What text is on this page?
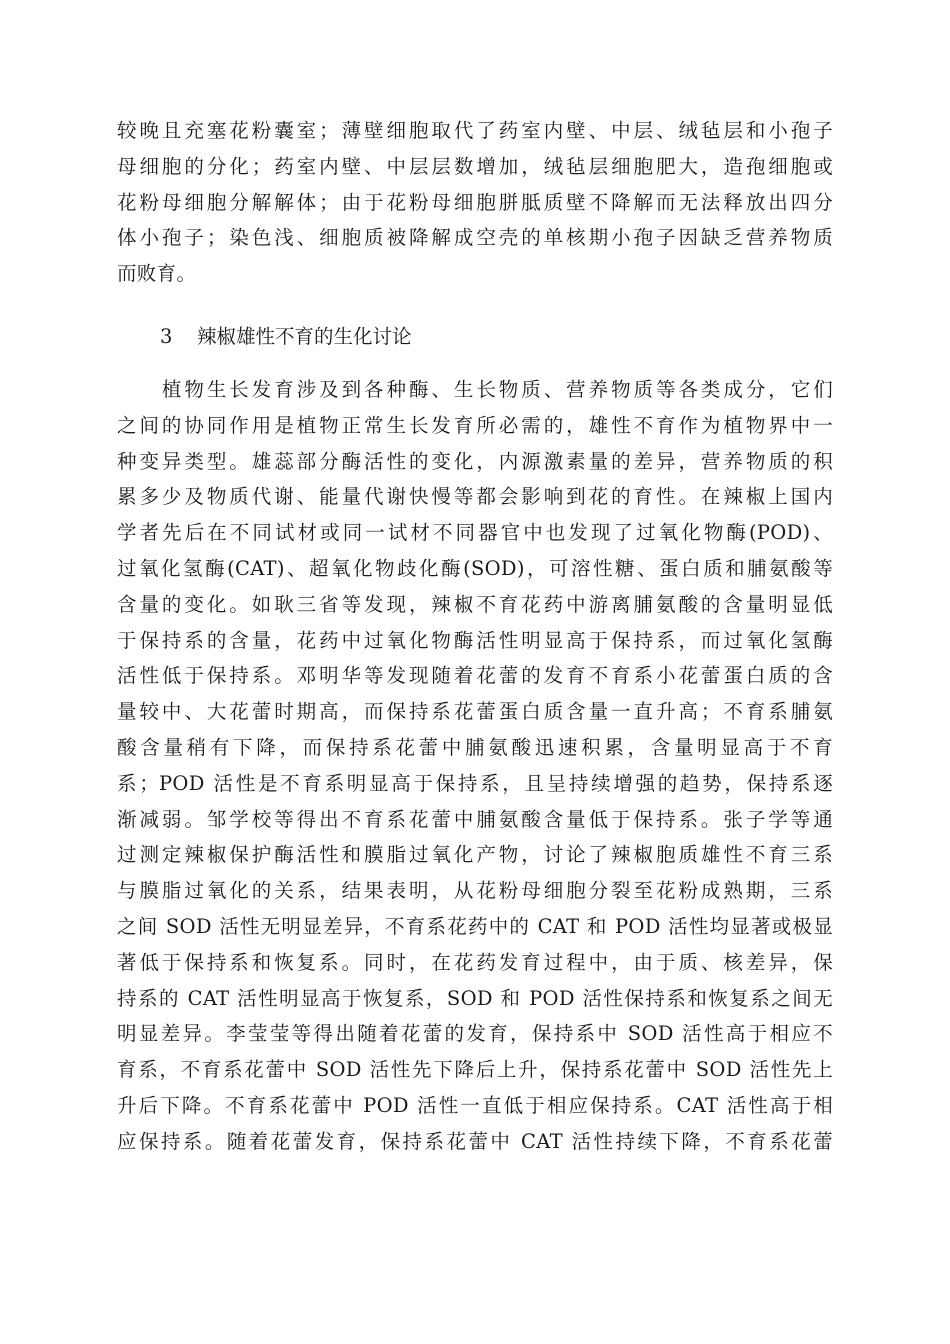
较晚且充塞花粉囊室；薄壁细胞取代了药室内壁、中层、绒毡层和小孢子
母细胞的分化；药室内壁、中层层数增加，绒毡层细胞肥大，造孢细胞或
花粉母细胞分解解体；由于花粉母细胞胼胝质壁不降解而无法释放出四分
体小孢子；染色浅、细胞质被降解成空壳的单核期小孢子因缺乏营养物质
而败育。
3 辣椒雄性不育的生化讨论
　　植物生长发育涉及到各种酶、生长物质、营养物质等各类成分，它们
之间的协同作用是植物正常生长发育所必需的，雄性不育作为植物界中一
种变异类型。雄蕊部分酶活性的变化，内源激素量的差异，营养物质的积
累多少及物质代谢、能量代谢快慢等都会影响到花的育性。在辣椒上国内
学者先后在不同试材或同一试材不同器官中也发现了过氧化物酶(POD)、
过氧化氢酶(CAT)、超氧化物歧化酶(SOD)，可溶性糖、蛋白质和脯氨酸等
含量的变化。如耿三省等发现，辣椒不育花药中游离脯氨酸的含量明显低
于保持系的含量，花药中过氧化物酶活性明显高于保持系，而过氧化氢酶
活性低于保持系。邓明华等发现随着花蕾的发育不育系小花蕾蛋白质的含
量较中、大花蕾时期高，而保持系花蕾蛋白质含量一直升高；不育系脯氨
酸含量稍有下降，而保持系花蕾中脯氨酸迅速积累，含量明显高于不育
系；POD 活性是不育系明显高于保持系，且呈持续增强的趋势，保持系逐
渐减弱。邹学校等得出不育系花蕾中脯氨酸含量低于保持系。张子学等通
过测定辣椒保护酶活性和膜脂过氧化产物，讨论了辣椒胞质雄性不育三系
与膜脂过氧化的关系，结果表明，从花粉母细胞分裂至花粉成熟期，三系
之间 SOD 活性无明显差异，不育系花药中的 CAT 和 POD 活性均显著或极显
著低于保持系和恢复系。同时，在花药发育过程中，由于质、核差异，保
持系的 CAT 活性明显高于恢复系，SOD 和 POD 活性保持系和恢复系之间无
明显差异。李莹莹等得出随着花蕾的发育，保持系中 SOD 活性高于相应不
育系，不育系花蕾中 SOD 活性先下降后上升，保持系花蕾中 SOD 活性先上
升后下降。不育系花蕾中 POD 活性一直低于相应保持系。CAT 活性高于相
应保持系。随着花蕾发育，保持系花蕾中 CAT 活性持续下降，不育系花蕾
